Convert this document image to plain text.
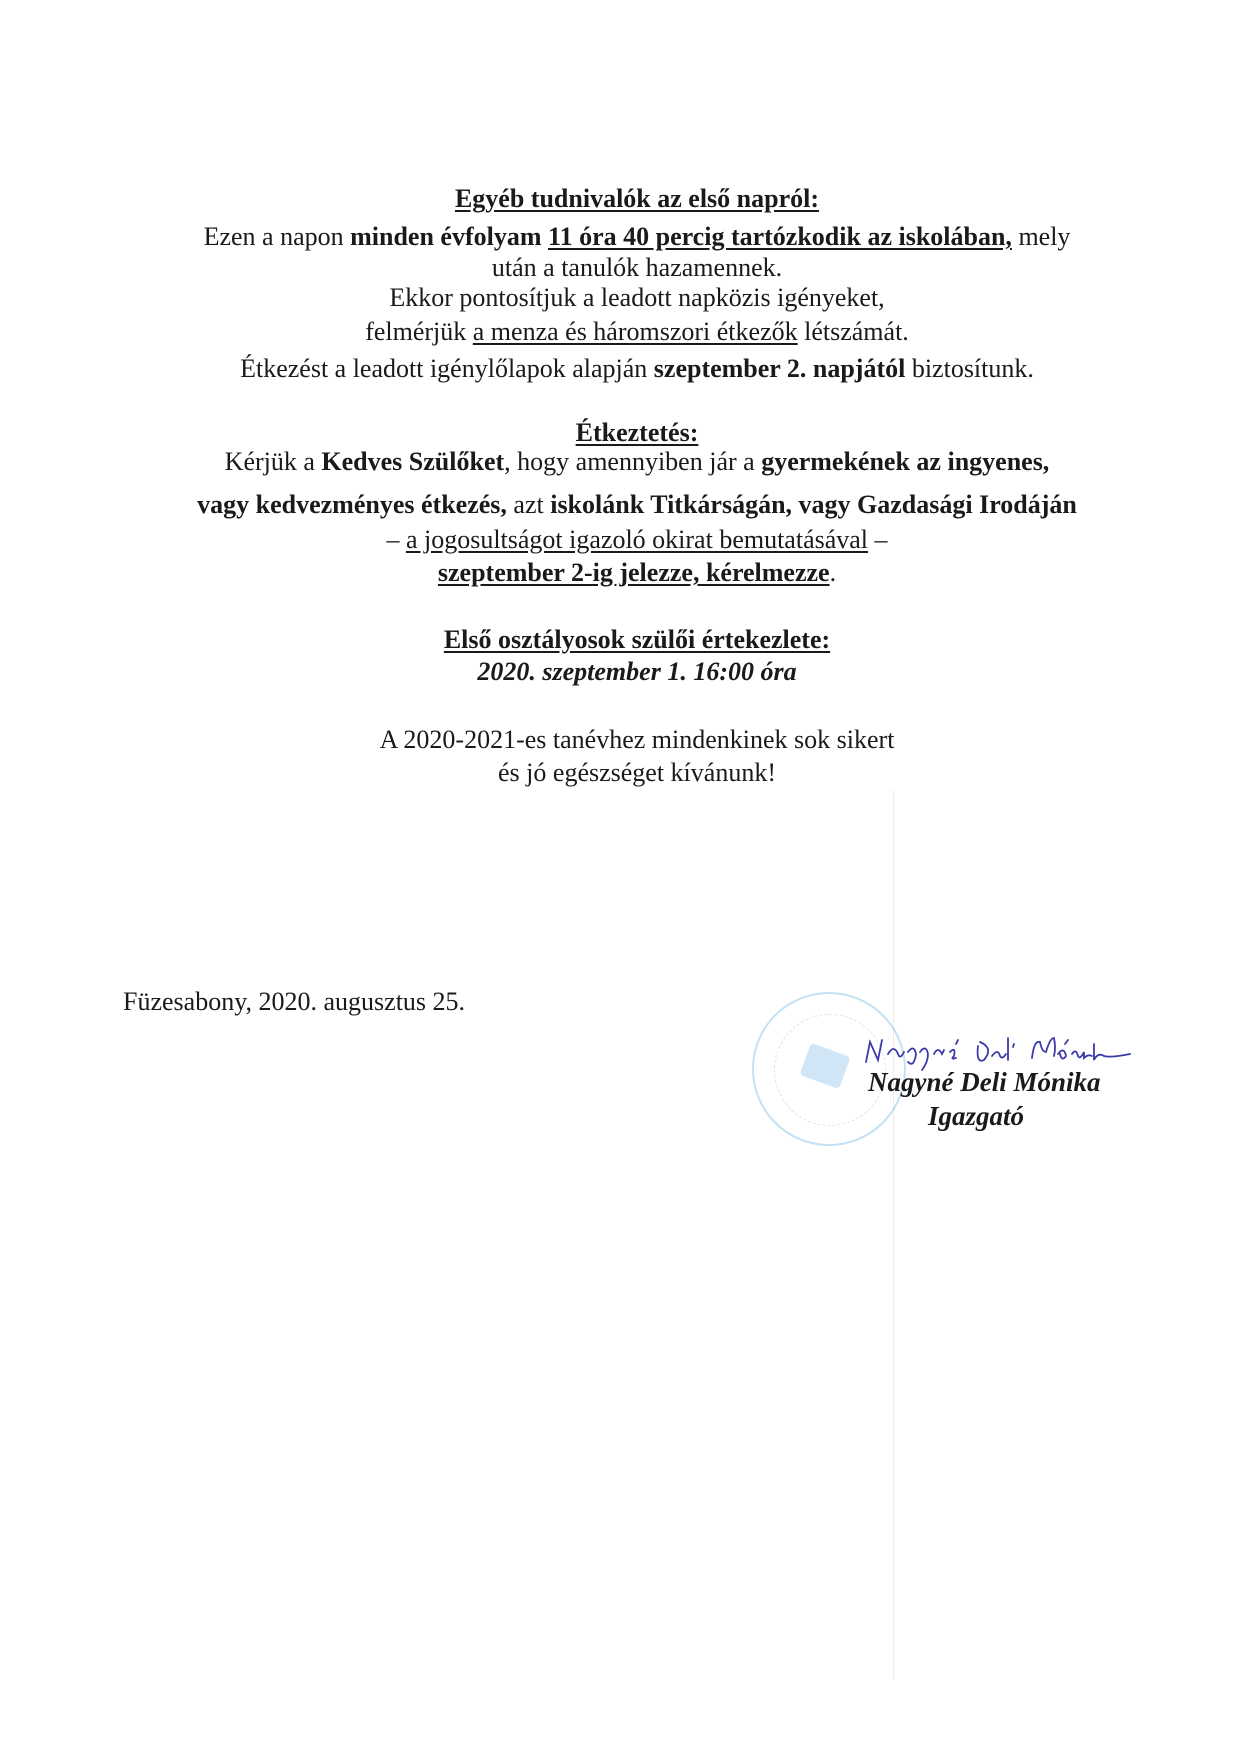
Egyéb tudnivalók az első napról:
Ezen a napon minden évfolyam 11 óra 40 percig tartózkodik az iskolában, mely
után a tanulók hazamennek.
Ekkor pontosítjuk a leadott napközis igényeket,
felmérjük a menza és háromszori étkezők létszámát.
Étkezést a leadott igénylőlapok alapján szeptember 2. napjától biztosítunk.
Étkeztetés:
Kérjük a Kedves Szülőket, hogy amennyiben jár a gyermekének az ingyenes,
vagy kedvezményes étkezés, azt iskolánk Titkárságán, vagy Gazdasági Irodáján
– a jogosultságot igazoló okirat bemutatásával –
szeptember 2-ig jelezze, kérelmezze.
Első osztályosok szülői értekezlete:
2020. szeptember 1. 16:00 óra
A 2020-2021-es tanévhez mindenkinek sok sikert
és jó egészséget kívánunk!
Füzesabony, 2020. augusztus 25.
Nagyné Deli Mónika
Igazgató
